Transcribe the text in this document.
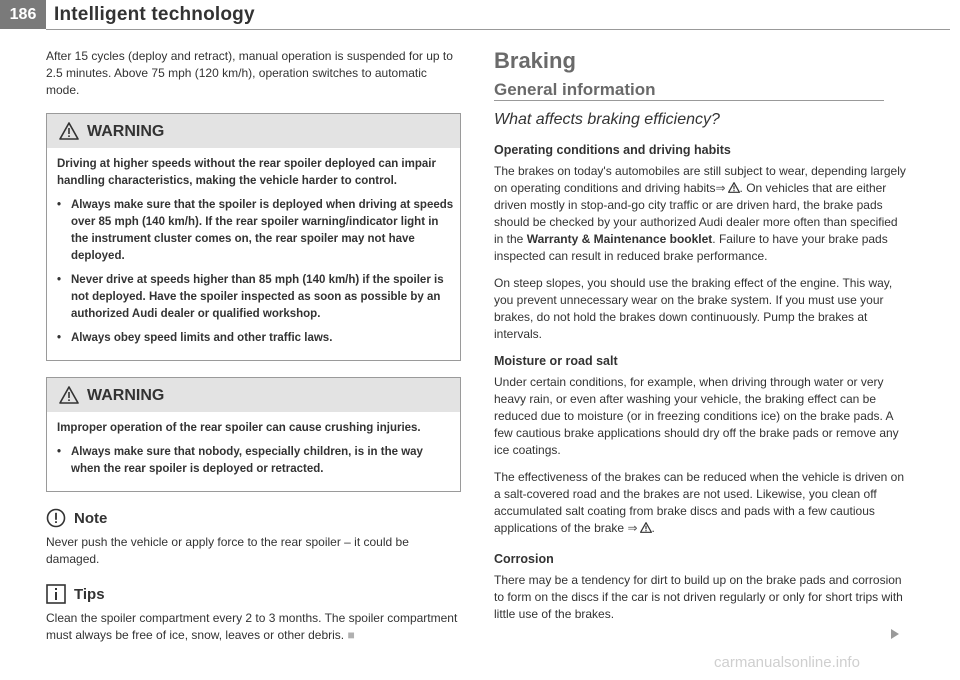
186 Intelligent technology

After 15 cycles (deploy and retract), manual operation is suspended for up to 2.5 minutes. Above 75 mph (120 km/h), operation switches to automatic mode.

WARNING

Driving at higher speeds without the rear spoiler deployed can impair handling characteristics, making the vehicle harder to control.

• Always make sure that the spoiler is deployed when driving at speeds over 85 mph (140 km/h). If the rear spoiler warning/indicator light in the instrument cluster comes on, the rear spoiler may not have deployed.

• Never drive at speeds higher than 85 mph (140 km/h) if the spoiler is not deployed. Have the spoiler inspected as soon as possible by an authorized Audi dealer or qualified workshop.

• Always obey speed limits and other traffic laws.

WARNING

Improper operation of the rear spoiler can cause crushing injuries.

• Always make sure that nobody, especially children, is in the way when the rear spoiler is deployed or retracted.

Note

Never push the vehicle or apply force to the rear spoiler – it could be damaged.

Tips

Clean the spoiler compartment every 2 to 3 months. The spoiler compartment must always be free of ice, snow, leaves or other debris. ■

Braking
General information
What affects braking efficiency?
Operating conditions and driving habits

The brakes on today's automobiles are still subject to wear, depending largely on operating conditions and driving habits⇒ . On vehicles that are either driven mostly in stop-and-go city traffic or are driven hard, the brake pads should be checked by your authorized Audi dealer more often than specified in the Warranty & Maintenance booklet. Failure to have your brake pads inspected can result in reduced brake performance.

On steep slopes, you should use the braking effect of the engine. This way, you prevent unnecessary wear on the brake system. If you must use your brakes, do not hold the brakes down continuously. Pump the brakes at intervals.

Moisture or road salt

Under certain conditions, for example, when driving through water or very heavy rain, or even after washing your vehicle, the braking effect can be reduced due to moisture (or in freezing conditions ice) on the brake pads. A few cautious brake applications should dry off the brake pads or remove any ice coatings.

The effectiveness of the brakes can be reduced when the vehicle is driven on a salt-covered road and the brakes are not used. Likewise, you clean off accumulated salt coating from brake discs and pads with a few cautious applications of the brake ⇒ .

Corrosion

There may be a tendency for dirt to build up on the brake pads and corrosion to form on the discs if the car is not driven regularly or only for short trips with little use of the brakes.

carmanualsonline.info
